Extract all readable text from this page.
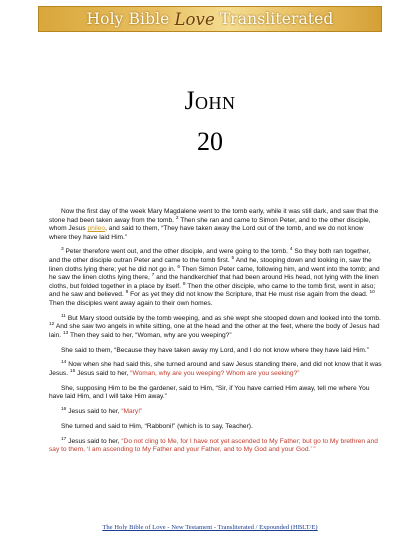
Holy Bible Love Transliterated
John
20

Now the first day of the week Mary Magdalene went to the tomb early, while it was still dark, and saw that the stone had been taken away from the tomb. $^2$ Then she ran and came to Simon Peter, and to the other disciple, whom Jesus phileo, and said to them, “They have taken away the Lord out of the tomb, and we do not know where they have laid Him.”

$^3$ Peter therefore went out, and the other disciple, and were going to the tomb. $^4$ So they both ran together, and the other disciple outran Peter and came to the tomb first. $^5$ And he, stooping down and looking in, saw the linen cloths lying there; yet he did not go in. $^6$ Then Simon Peter came, following him, and went into the tomb; and he saw the linen cloths lying there, $^7$ and the handkerchief that had been around His head, not lying with the linen cloths, but folded together in a place by itself. $^8$ Then the other disciple, who came to the tomb first, went in also; and he saw and believed. $^9$ For as yet they did not know the Scripture, that He must rise again from the dead. $^{10}$ Then the disciples went away again to their own homes.

$^{11}$ But Mary stood outside by the tomb weeping, and as she wept she stooped down and looked into the tomb. $^{12}$ And she saw two angels in white sitting, one at the head and the other at the feet, where the body of Jesus had lain. $^{13}$ Then they said to her, “Woman, why are you weeping?”

She said to them, “Because they have taken away my Lord, and I do not know where they have laid Him.”

$^{14}$ Now when she had said this, she turned around and saw Jesus standing there, and did not know that it was Jesus. $^{15}$ Jesus said to her, “Woman, why are you weeping? Whom are you seeking?”

She, supposing Him to be the gardener, said to Him, “Sir, if You have carried Him away, tell me where You have laid Him, and I will take Him away.”

$^{16}$ Jesus said to her, “Mary!”

She turned and said to Him, “Rabboni!” (which is to say, Teacher).

$^{17}$ Jesus said to her, “Do not cling to Me, for I have not yet ascended to My Father; but go to My brethren and say to them, ‘I am ascending to My Father and your Father, and to My God and your God.’ ”

The Holy Bible of Love - New Testament - Transliterated / Expounded (HBLT/E)
